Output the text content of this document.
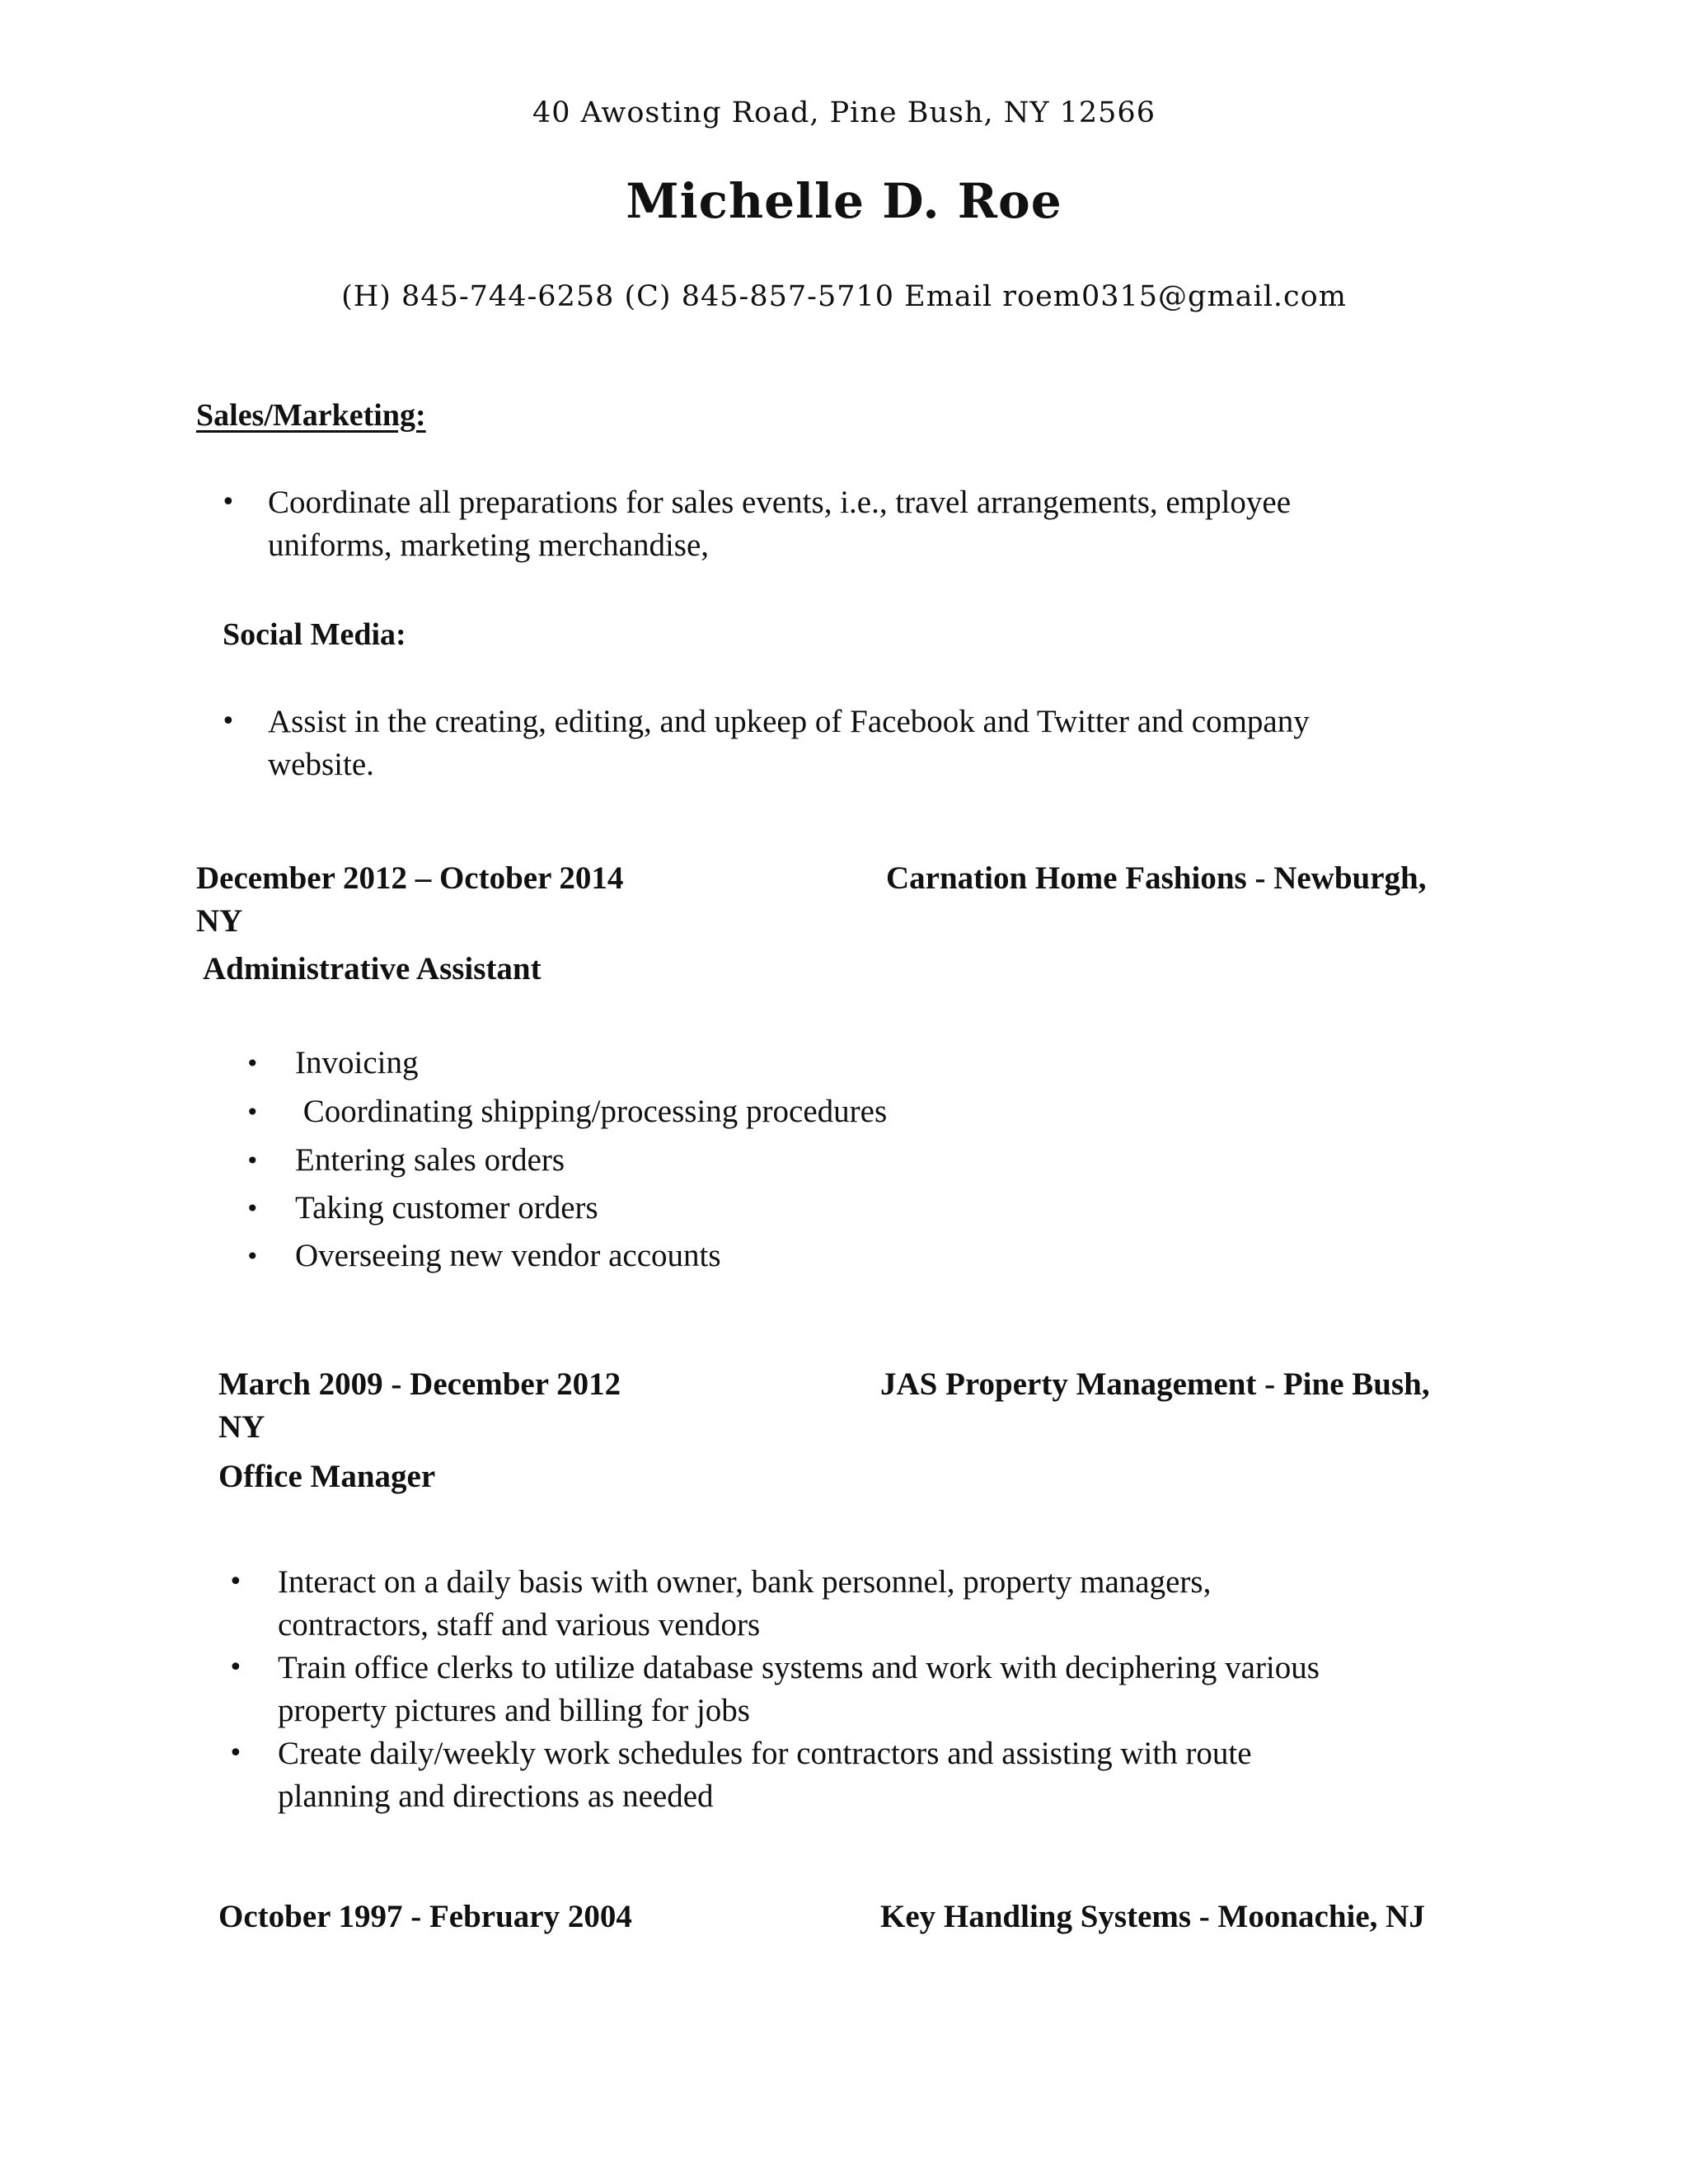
40 Awosting Road, Pine Bush, NY 12566
Michelle D. Roe
(H) 845-744-6258 (C) 845-857-5710 Email roem0315@gmail.com
Sales/Marketing:
• Coordinate all preparations for sales events, i.e., travel arrangements, employee
uniforms, marketing merchandise,
Social Media:
• Assist in the creating, editing, and upkeep of Facebook and Twitter and company
website.
December 2012 – October 2014	Carnation Home Fashions - Newburgh,
NY
Administrative Assistant
• Invoicing
• Coordinating shipping/processing procedures
• Entering sales orders
• Taking customer orders
• Overseeing new vendor accounts
March 2009 - December 2012	JAS Property Management - Pine Bush,
NY
Office Manager
• Interact on a daily basis with owner, bank personnel, property managers,
contractors, staff and various vendors
• Train office clerks to utilize database systems and work with deciphering various
property pictures and billing for jobs
• Create daily/weekly work schedules for contractors and assisting with route
planning and directions as needed
October 1997 - February 2004	Key Handling Systems - Moonachie, NJ
